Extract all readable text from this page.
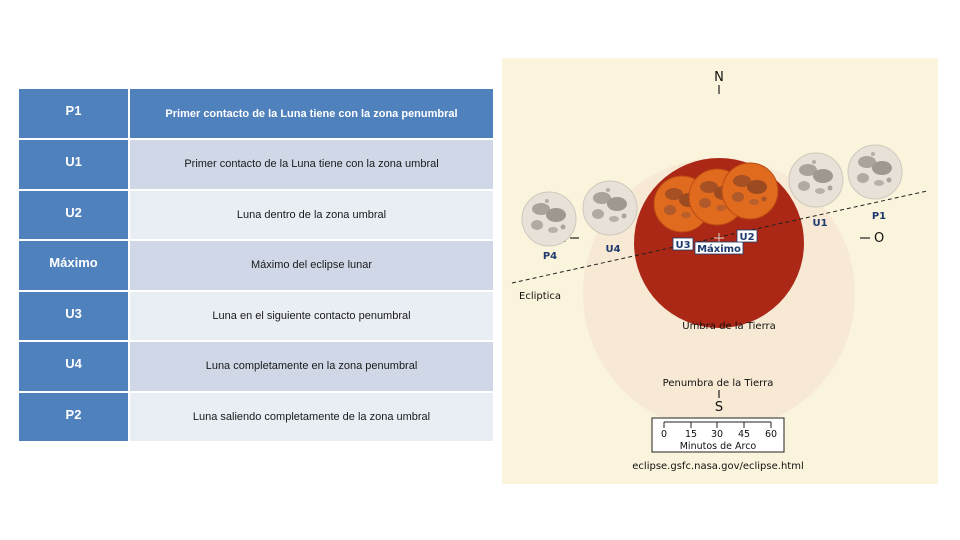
P1	Primer contacto de la Luna tiene con la zona penumbral
U1	Primer contacto de la Luna tiene con la zona umbral
U2	Luna dentro de la zona umbral
Máximo	Máximo del eclipse lunar
U3	Luna en el siguiente contacto penumbral
U4	Luna completamente en la zona penumbral
P2	Luna saliendo completamente de la zona umbral
N
S
O
Ecliptica
P4
U4	U3 Máximo
U2
U1
P1
Umbra de la Tierra
Penumbra de la Tierra
0 15 30 45 60
Minutos de Arco
eclipse.gsfc.nasa.gov/eclipse.html
